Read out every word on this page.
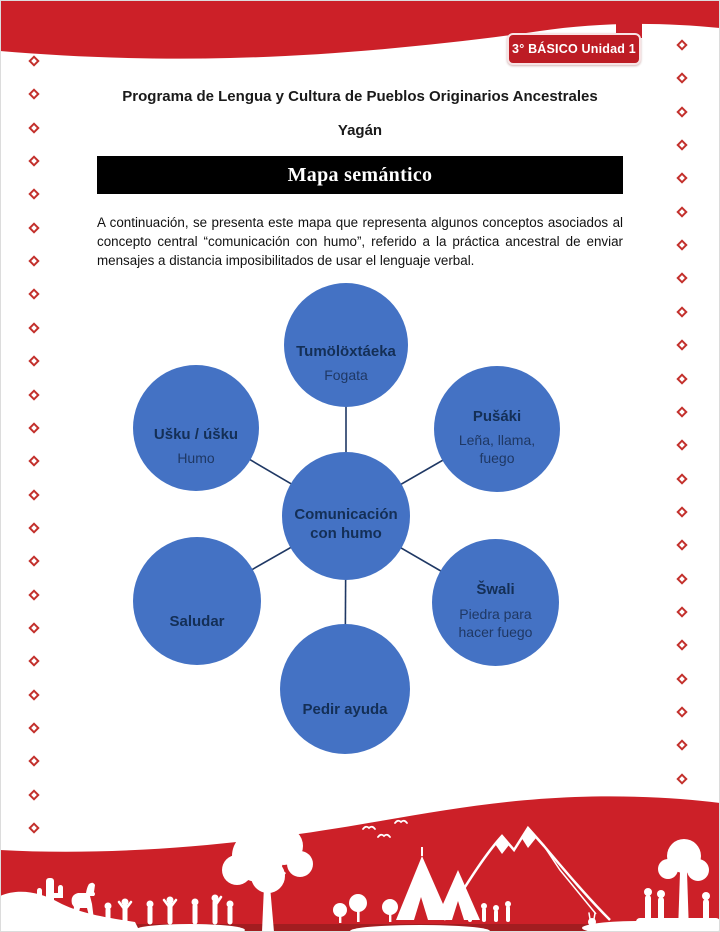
3° BÁSICO Unidad 1
Programa de Lengua y Cultura de Pueblos Originarios Ancestrales
Yagán
Mapa semántico
A continuación, se presenta este mapa que representa algunos conceptos asociados al concepto central “comunicación con humo”, referido a la práctica ancestral de enviar mensajes a distancia imposibilitados de usar el lenguaje verbal.
Tumölöxtáeka
Fogata
Pušáki
Leña, llama, fuego
Šwali
Piedra para hacer fuego
Pedir ayuda
Saludar
Ušku / úšku
Humo
Comunicación con humo
